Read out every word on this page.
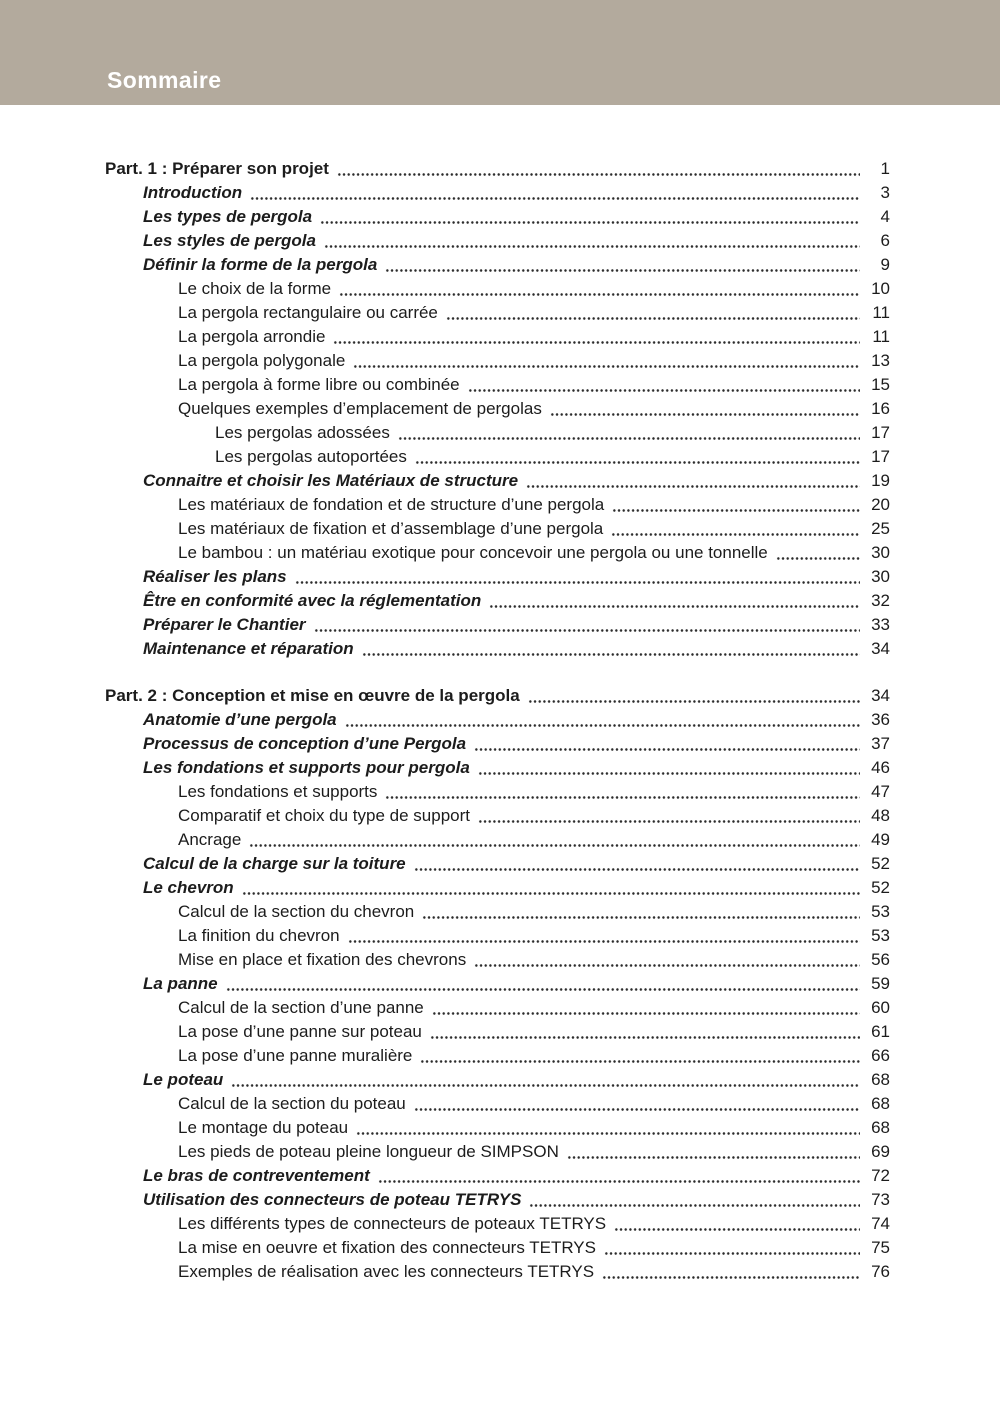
Sommaire
Part. 1 : Préparer son projet	1
Introduction	3
Les types de pergola	4
Les styles de pergola	6
Définir la forme de la pergola	9
Le choix de la forme	10
La pergola rectangulaire ou carrée	11
La pergola arrondie	11
La pergola polygonale	13
La pergola à forme libre ou combinée	15
Quelques exemples d’emplacement de pergolas	16
Les pergolas adossées	17
Les pergolas autoportées	17
Connaitre et choisir les Matériaux de structure	19
Les matériaux de fondation et de structure d’une pergola	20
Les matériaux de fixation et d’assemblage d’une pergola	25
Le bambou : un matériau exotique pour concevoir une pergola ou une tonnelle	30
Réaliser les plans	30
Être en conformité avec la réglementation	32
Préparer le Chantier	33
Maintenance et réparation	34
Part. 2 : Conception et mise en œuvre de la pergola	34
Anatomie d’une pergola	36
Processus de conception d’une Pergola	37
Les fondations et supports pour pergola	46
Les fondations et supports	47
Comparatif et choix du type de support	48
Ancrage	49
Calcul de la charge sur la toiture	52
Le chevron	52
Calcul de la section du chevron	53
La finition du chevron	53
Mise en place et fixation des chevrons	56
La panne	59
Calcul de la section d’une panne	60
La pose d’une panne sur poteau	61
La pose d’une panne muralière	66
Le poteau	68
Calcul de la section du poteau	68
Le montage du poteau	68
Les pieds de poteau pleine longueur de SIMPSON	69
Le bras de contreventement	72
Utilisation des connecteurs de poteau TETRYS	73
Les différents types de connecteurs de poteaux TETRYS	74
La mise en oeuvre et fixation des connecteurs TETRYS	75
Exemples de réalisation avec les connecteurs TETRYS	76
